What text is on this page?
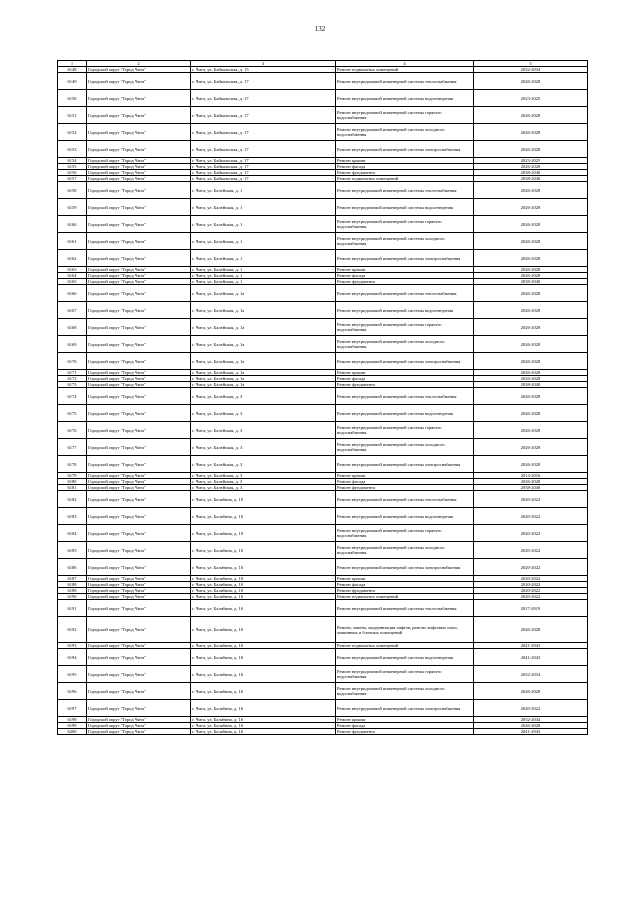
132
1	2	3	4	5
6148	Городской округ "Город Чита"	г. Чита, ул. Байкальская, д. 15	Ремонт подвальных помещений	2032-2034
6149	Городской округ "Город Чита"	г. Чита, ул. Байкальская, д. 17	Ремонт внутридомовой инженерной системы теплоснабжения	2026-2028
6150	Городской округ "Город Чита"	г. Чита, ул. Байкальская, д. 17	Ремонт внутридомовой инженерной системы водоотведения	2023-2025
6151	Городской округ "Город Чита"	г. Чита, ул. Байкальская, д. 17	Ремонт внутридомовой инженерной системы горячего водоснабжения	2026-2028
6152	Городской округ "Город Чита"	г. Чита, ул. Байкальская, д. 17	Ремонт внутридомовой инженерной системы холодного водоснабжения	2026-2028
6153	Городской округ "Город Чита"	г. Чита, ул. Байкальская, д. 17	Ремонт внутридомовой инженерной системы электроснабжения	2026-2028
6154	Городской округ "Город Чита"	г. Чита, ул. Байкальская, д. 17	Ремонт крыши	2023-2025
6155	Городской округ "Город Чита"	г. Чита, ул. Байкальская, д. 17	Ремонт фасада	2026-2028
6156	Городской округ "Город Чита"	г. Чита, ул. Байкальская, д. 17	Ремонт фундамента	2038-2040
6157	Городской округ "Город Чита"	г. Чита, ул. Байкальская, д. 17	Ремонт подвальных помещений	2038-2040
6158	Городской округ "Город Чита"	г. Чита, ул. Балейская, д. 1	Ремонт внутридомовой инженерной системы теплоснабжения	2026-2028
6159	Городской округ "Город Чита"	г. Чита, ул. Балейская, д. 1	Ремонт внутридомовой инженерной системы водоотведения	2026-2028
6160	Городской округ "Город Чита"	г. Чита, ул. Балейская, д. 1	Ремонт внутридомовой инженерной системы горячего водоснабжения	2026-2028
6161	Городской округ "Город Чита"	г. Чита, ул. Балейская, д. 1	Ремонт внутридомовой инженерной системы холодного водоснабжения	2026-2028
6162	Городской округ "Город Чита"	г. Чита, ул. Балейская, д. 1	Ремонт внутридомовой инженерной системы электроснабжения	2026-2028
6163	Городской округ "Город Чита"	г. Чита, ул. Балейская, д. 1	Ремонт крыши	2026-2028
6164	Городской округ "Город Чита"	г. Чита, ул. Балейская, д. 1	Ремонт фасада	2026-2028
6165	Городской округ "Город Чита"	г. Чита, ул. Балейская, д. 1	Ремонт фундамента	2038-2040
6166	Городской округ "Город Чита"	г. Чита, ул. Балейская, д. 1а	Ремонт внутридомовой инженерной системы теплоснабжения	2026-2028
6167	Городской округ "Город Чита"	г. Чита, ул. Балейская, д. 1а	Ремонт внутридомовой инженерной системы водоотведения	2026-2028
6168	Городской округ "Город Чита"	г. Чита, ул. Балейская, д. 1а	Ремонт внутридомовой инженерной системы горячего водоснабжения	2026-2028
6169	Городской округ "Город Чита"	г. Чита, ул. Балейская, д. 1а	Ремонт внутридомовой инженерной системы холодного водоснабжения	2026-2028
6170	Городской округ "Город Чита"	г. Чита, ул. Балейская, д. 1а	Ремонт внутридомовой инженерной системы электроснабжения	2026-2028
6171	Городской округ "Город Чита"	г. Чита, ул. Балейская, д. 1а	Ремонт крыши	2026-2028
6172	Городской округ "Город Чита"	г. Чита, ул. Балейская, д. 1а	Ремонт фасада	2026-2028
6173	Городской округ "Город Чита"	г. Чита, ул. Балейская, д. 1а	Ремонт фундамента	2038-2040
6174	Городской округ "Город Чита"	г. Чита, ул. Балейская, д. 3	Ремонт внутридомовой инженерной системы теплоснабжения	2026-2028
6175	Городской округ "Город Чита"	г. Чита, ул. Балейская, д. 3	Ремонт внутридомовой инженерной системы водоотведения	2026-2028
6176	Городской округ "Город Чита"	г. Чита, ул. Балейская, д. 3	Ремонт внутридомовой инженерной системы горячего водоснабжения	2026-2028
6177	Городской округ "Город Чита"	г. Чита, ул. Балейская, д. 3	Ремонт внутридомовой инженерной системы холодного водоснабжения	2026-2028
6178	Городской округ "Город Чита"	г. Чита, ул. Балейская, д. 3	Ремонт внутридомовой инженерной системы электроснабжения	2026-2028
6179	Городской округ "Город Чита"	г. Чита, ул. Балейская, д. 3	Ремонт крыши	2014-2016
6180	Городской округ "Город Чита"	г. Чита, ул. Балейская, д. 3	Ремонт фасада	2026-2028
6181	Городской округ "Город Чита"	г. Чита, ул. Балейская, д. 3	Ремонт фундамента	2038-2040
6182	Городской округ "Город Чита"	г. Чита, ул. Балябина, д. 10	Ремонт внутридомовой инженерной системы теплоснабжения	2020-2022
6183	Городской округ "Город Чита"	г. Чита, ул. Балябина, д. 10	Ремонт внутридомовой инженерной системы водоотведения	2020-2022
6184	Городской округ "Город Чита"	г. Чита, ул. Балябина, д. 10	Ремонт внутридомовой инженерной системы горячего водоснабжения	2020-2022
6185	Городской округ "Город Чита"	г. Чита, ул. Балябина, д. 10	Ремонт внутридомовой инженерной системы холодного водоснабжения	2020-2022
6186	Городской округ "Город Чита"	г. Чита, ул. Балябина, д. 10	Ремонт внутридомовой инженерной системы электроснабжения	2020-2022
6187	Городской округ "Город Чита"	г. Чита, ул. Балябина, д. 10	Ремонт крыши	2020-2022
6188	Городской округ "Город Чита"	г. Чита, ул. Балябина, д. 10	Ремонт фасада	2020-2022
6189	Городской округ "Город Чита"	г. Чита, ул. Балябина, д. 10	Ремонт фундамента	2020-2022
6190	Городской округ "Город Чита"	г. Чита, ул. Балябина, д. 10	Ремонт подвальных помещений	2020-2022
6191	Городской округ "Город Чита"	г. Чита, ул. Балябина, д. 16	Ремонт внутридомовой инженерной системы теплоснабжения	2017-2019
6192	Городской округ "Город Чита"	г. Чита, ул. Балябина, д. 16	Ремонт, замена, модернизация лифтов, ремонт лифтовых шахт, машинных и блочных помещений	2026-2028
6193	Городской округ "Город Чита"	г. Чита, ул. Балябина, д. 16	Ремонт подвальных помещений	2041-2043
6194	Городской округ "Город Чита"	г. Чита, ул. Балябина, д. 16	Ремонт внутридомовой инженерной системы водоотведения	2041-2043
6195	Городской округ "Город Чита"	г. Чита, ул. Балябина, д. 16	Ремонт внутридомовой инженерной системы горячего водоснабжения	2032-2034
6196	Городской округ "Город Чита"	г. Чита, ул. Балябина, д. 16	Ремонт внутридомовой инженерной системы холодного водоснабжения	2026-2028
6197	Городской округ "Город Чита"	г. Чита, ул. Балябина, д. 16	Ремонт внутридомовой инженерной системы электроснабжения	2020-2022
6198	Городской округ "Город Чита"	г. Чита, ул. Балябина, д. 16	Ремонт крыши	2032-2034
6199	Городской округ "Город Чита"	г. Чита, ул. Балябина, д. 16	Ремонт фасада	2026-2028
6200	Городской округ "Город Чита"	г. Чита, ул. Балябина, д. 16	Ремонт фундамента	2041-2043
